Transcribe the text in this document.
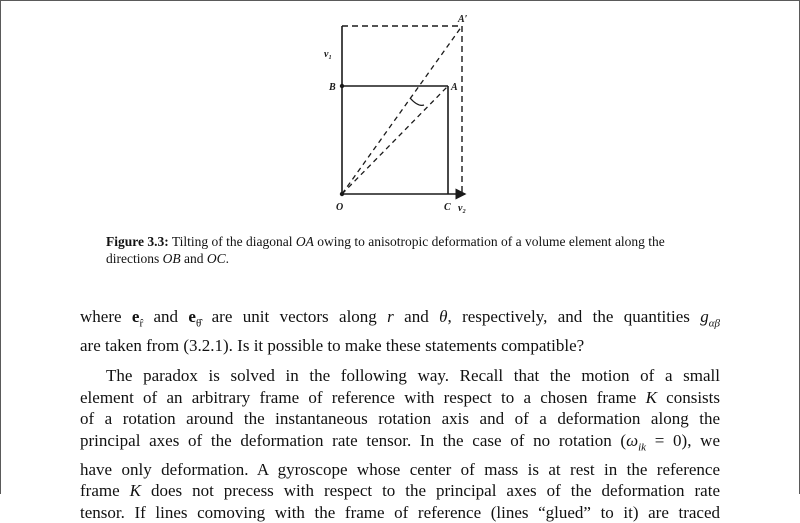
v₁
B	A
A′
O	C v₂
Figure 3.3: Tilting of the diagonal OA owing to anisotropic deformation of a volume element along the directions OB and OC.

where $e_{r̂}$ and $e_{\thetâ}$ are unit vectors along r and θ, respectively, and the quantities $g_{\alpha\beta}$
are taken from (3.2.1). Is it possible to make these statements compatible?

The paradox is solved in the following way. Recall that the motion of a small
element of an arbitrary frame of reference with respect to a chosen frame K consists
of a rotation around the instantaneous rotation axis and of a deformation along the
principal axes of the deformation rate tensor. In the case of no rotation $(\omega_{ik} = 0)$, we
have only deformation. A gyroscope whose center of mass is at rest in the reference
frame K does not precess with respect to the principal axes of the deformation rate
tensor. If lines comoving with the frame of reference (lines “glued” to it) are traced
